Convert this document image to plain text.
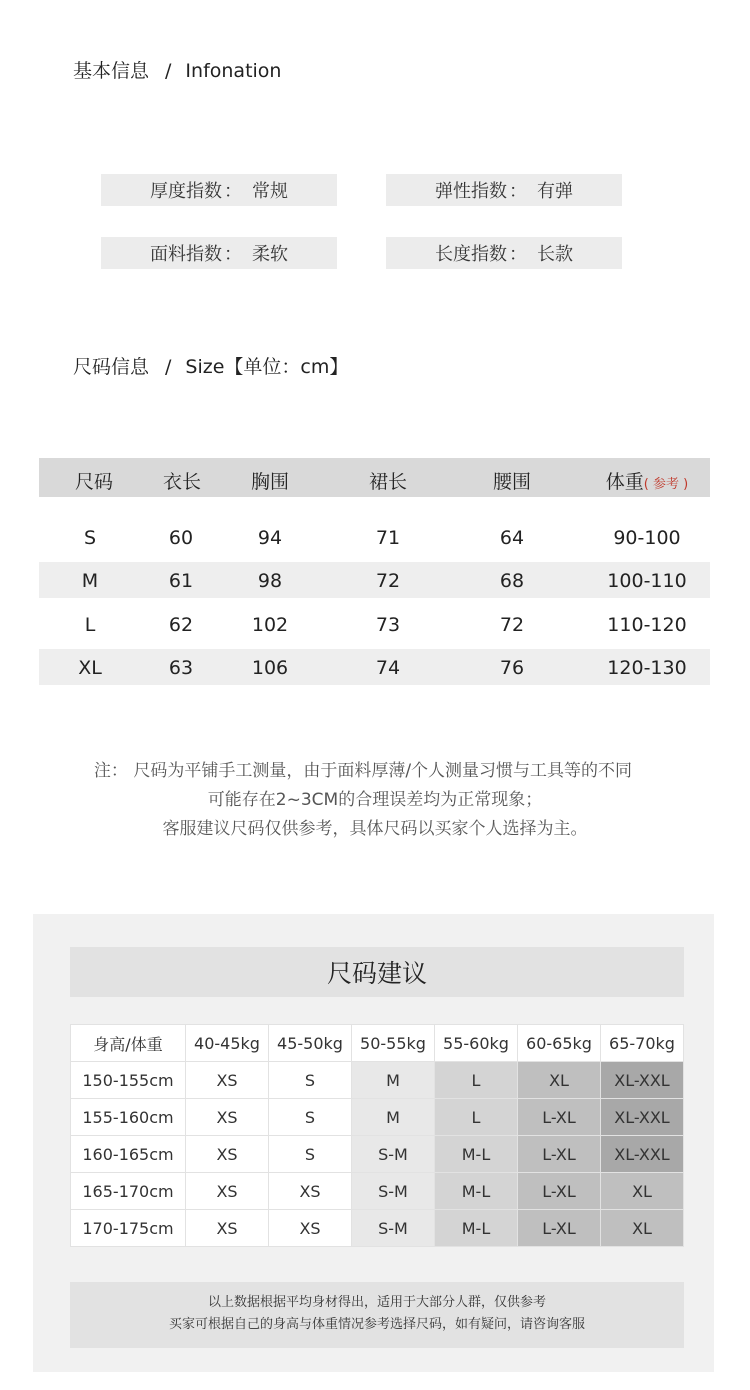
基本信息 / Infonation
厚度指数 ： 常规	弹性指数 ： 有弹
面料指数 ： 柔软	长度指数 ： 长款
尺码信息 / Size【单位：cm】
尺码	衣长	胸围	裙长	腰围	体重( 参考 )
S	60	94	71	64	90-100
M	61	98	72	68	100-110
L	62	102	73	72	110-120
XL	63	106	74	76	120-130
注： 尺码为平铺手工测量，由于面料厚薄/个人测量习惯与工具等的不同
可能存在2~3CM的合理误差均为正常现象；
客服建议尺码仅供参考，具体尺码以买家个人选择为主。
尺码建议
身高/体重	40-45kg	45-50kg	50-55kg	55-60kg	60-65kg	65-70kg
150-155cm	XS	S	M	L	XL	XL-XXL
155-160cm	XS	S	M	L	L-XL	XL-XXL
160-165cm	XS	S	S-M	M-L	L-XL	XL-XXL
165-170cm	XS	XS	S-M	M-L	L-XL	XL
170-175cm	XS	XS	S-M	M-L	L-XL	XL
以上数据根据平均身材得出，适用于大部分人群，仅供参考
买家可根据自己的身高与体重情况参考选择尺码，如有疑问，请咨询客服
